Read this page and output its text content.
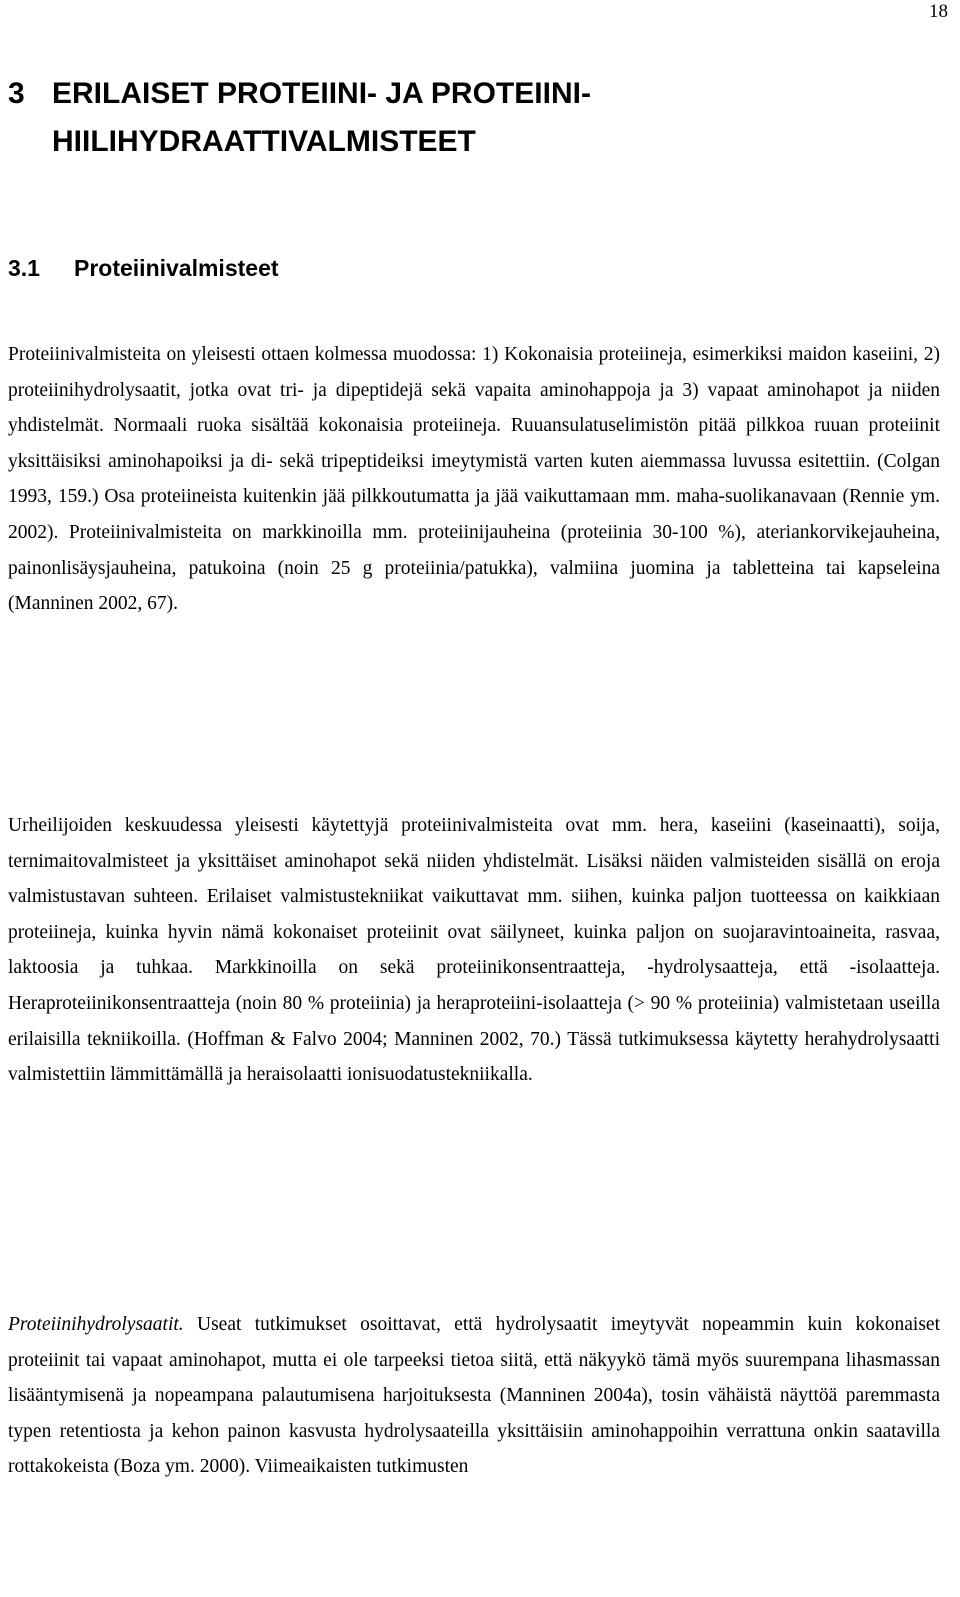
18
3 ERILAISET PROTEIINI- JA PROTEIINI-HIILIHYDRAATTIVALMISTEET
3.1	Proteiinivalmisteet

Proteiinivalmisteita on yleisesti ottaen kolmessa muodossa: 1) Kokonaisia proteiineja, esimerkiksi maidon kaseiini, 2) proteiinihydrolysaatit, jotka ovat tri- ja dipeptidejä sekä vapaita aminohappoja ja 3) vapaat aminohapot ja niiden yhdistelmät. Normaali ruoka sisältää kokonaisia proteiineja. Ruuansulatuselimistön pitää pilkkoa ruuan proteiinit yksittäisiksi aminohapoiksi ja di- sekä tripeptideiksi imeytymistä varten kuten aiemmassa luvussa esitettiin. (Colgan 1993, 159.) Osa proteiineista kuitenkin jää pilkkoutumatta ja jää vaikuttamaan mm. maha-suolikanavaan (Rennie ym. 2002). Proteiinivalmisteita on markkinoilla mm. proteiinijauheina (proteiinia 30-100 %), ateriankorvikejauheina, painonlisäysjauheina, patukoina (noin 25 g proteiinia/patukka), valmiina juomina ja tabletteina tai kapseleina (Manninen 2002, 67).

Urheilijoiden keskuudessa yleisesti käytettyjä proteiinivalmisteita ovat mm. hera, kaseiini (kaseinaatti), soija, ternimaitovalmisteet ja yksittäiset aminohapot sekä niiden yhdistelmät. Lisäksi näiden valmisteiden sisällä on eroja valmistustavan suhteen. Erilaiset valmistustekniikat vaikuttavat mm. siihen, kuinka paljon tuotteessa on kaikkiaan proteiineja, kuinka hyvin nämä kokonaiset proteiinit ovat säilyneet, kuinka paljon on suojaravintoaineita, rasvaa, laktoosia ja tuhkaa. Markkinoilla on sekä proteiinikonsentraatteja, -hydrolysaatteja, että -isolaatteja. Heraproteiinikonsentraatteja (noin 80 % proteiinia) ja heraproteiini-isolaatteja (> 90 % proteiinia) valmistetaan useilla erilaisilla tekniikoilla. (Hoffman & Falvo 2004; Manninen 2002, 70.) Tässä tutkimuksessa käytetty herahydrolysaatti valmistettiin lämmittämällä ja heraisolaatti ionisuodatustekniikalla.

Proteiinihydrolysaatit. Useat tutkimukset osoittavat, että hydrolysaatit imeytyvät nopeammin kuin kokonaiset proteiinit tai vapaat aminohapot, mutta ei ole tarpeeksi tietoa siitä, että näkyykö tämä myös suurempana lihasmassan lisääntymisenä ja nopeampana palautumisena harjoituksesta (Manninen 2004a), tosin vähäistä näyttöä paremmasta typen retentiosta ja kehon painon kasvusta hydrolysaateilla yksittäisiin aminohappoihin verrattuna onkin saatavilla rottakokeista (Boza ym. 2000). Viimeaikaisten tutkimusten
